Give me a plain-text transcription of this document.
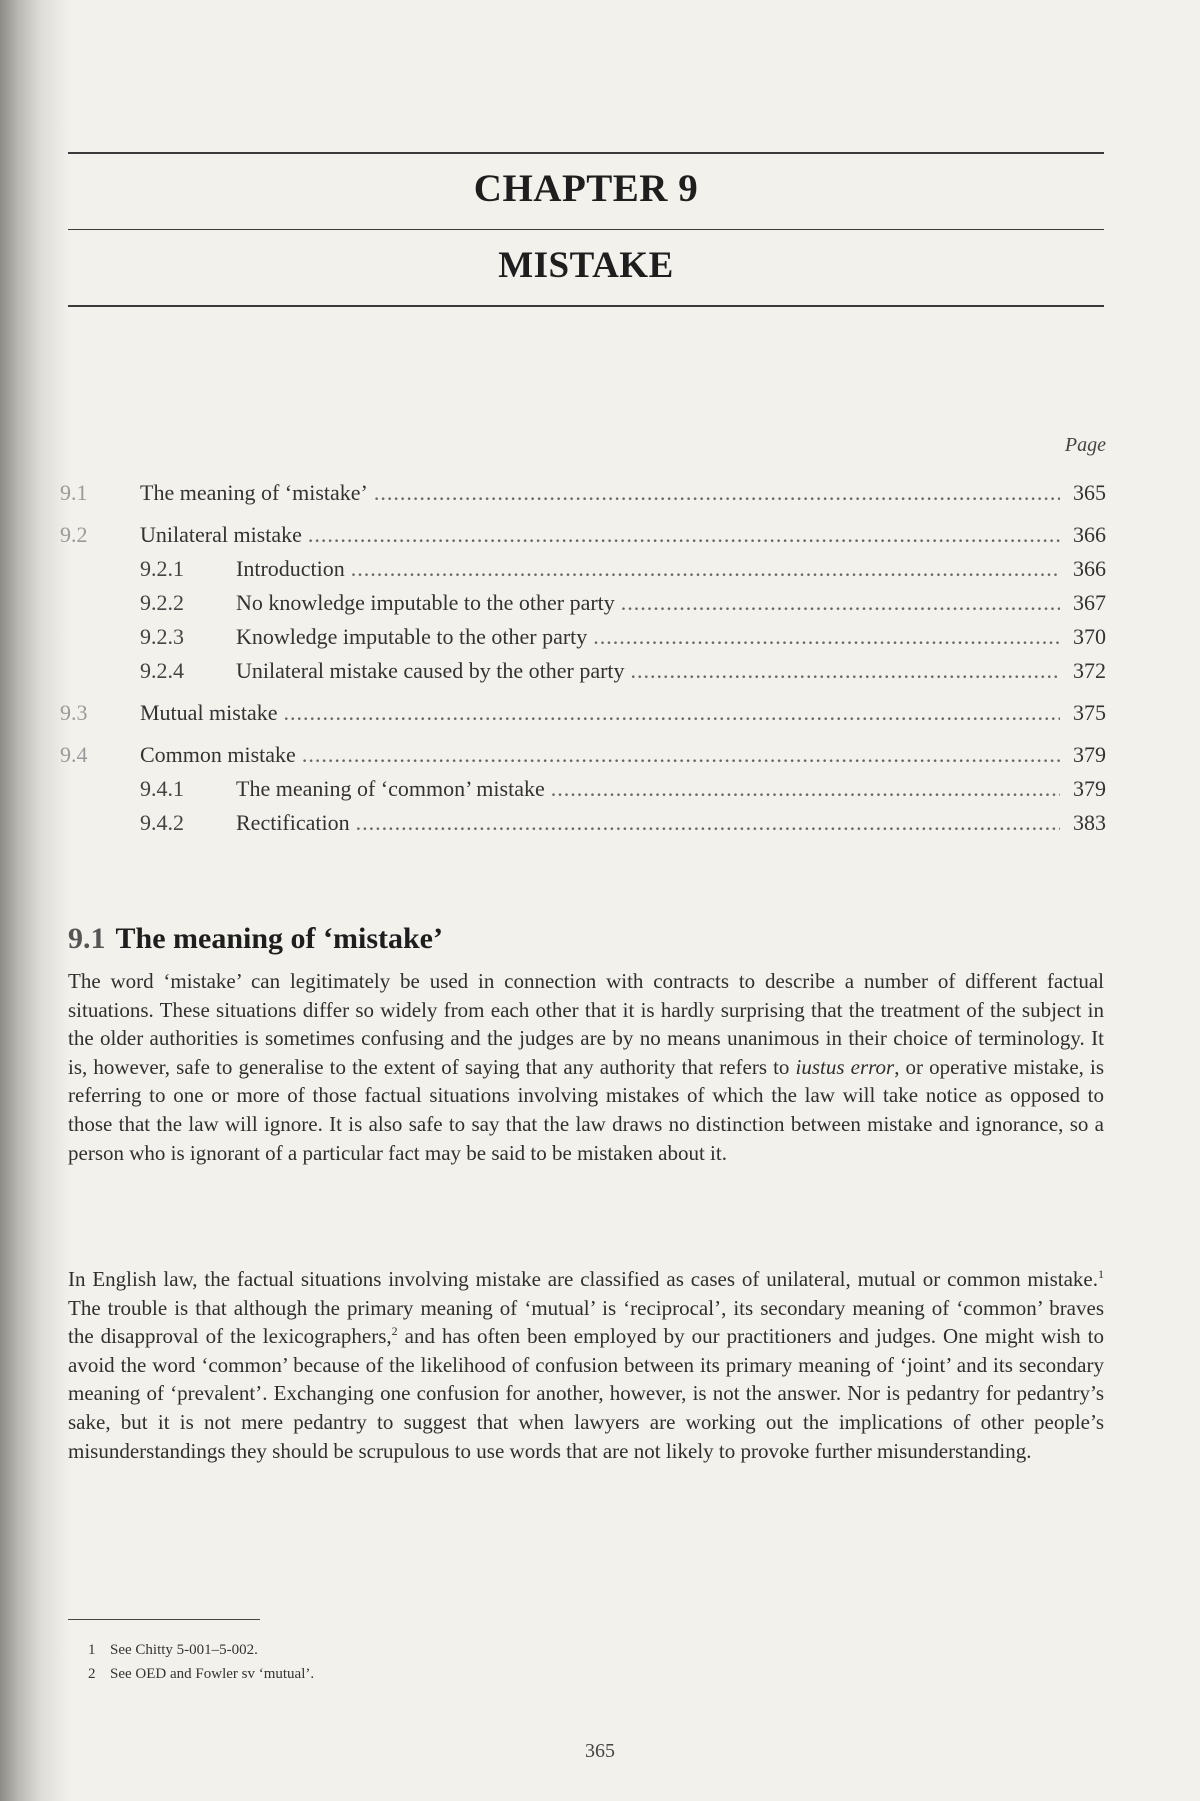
CHAPTER 9
MISTAKE
Page
9.1	The meaning of ‘mistake’ .....	365
9.2	Unilateral mistake .....	366
9.2.1	Introduction .....	366
9.2.2	No knowledge imputable to the other party .....	367
9.2.3	Knowledge imputable to the other party .....	370
9.2.4	Unilateral mistake caused by the other party .....	372
9.3	Mutual mistake .....	375
9.4	Common mistake .....	379
9.4.1	The meaning of ‘common’ mistake .....	379
9.4.2	Rectification .....	383
9.1 The meaning of ‘mistake’

The word ‘mistake’ can legitimately be used in connection with contracts to describe a number of different factual situations. These situations differ so widely from each other that it is hardly surprising that the treatment of the subject in the older authorities is sometimes confusing and the judges are by no means unanimous in their choice of terminology. It is, however, safe to generalise to the extent of saying that any authority that refers to iustus error, or operative mistake, is referring to one or more of those factual situations involving mistakes of which the law will take notice as opposed to those that the law will ignore. It is also safe to say that the law draws no distinction between mistake and ignorance, so a person who is ignorant of a particular fact may be said to be mistaken about it.

In English law, the factual situations involving mistake are classified as cases of unilateral, mutual or common mistake.$^1$ The trouble is that although the primary meaning of ‘mutual’ is ‘reciprocal’, its secondary meaning of ‘common’ braves the disapproval of the lexicographers,$^2$ and has often been employed by our practitioners and judges. One might wish to avoid the word ‘common’ because of the likelihood of confusion between its primary meaning of ‘joint’ and its secondary meaning of ‘prevalent’. Exchanging one confusion for another, however, is not the answer. Nor is pedantry for pedantry’s sake, but it is not mere pedantry to suggest that when lawyers are working out the implications of other people’s misunderstandings they should be scrupulous to use words that are not likely to provoke further misunderstanding.

1 See Chitty 5-001–5-002.
2 See OED and Fowler sv ‘mutual’.
365
